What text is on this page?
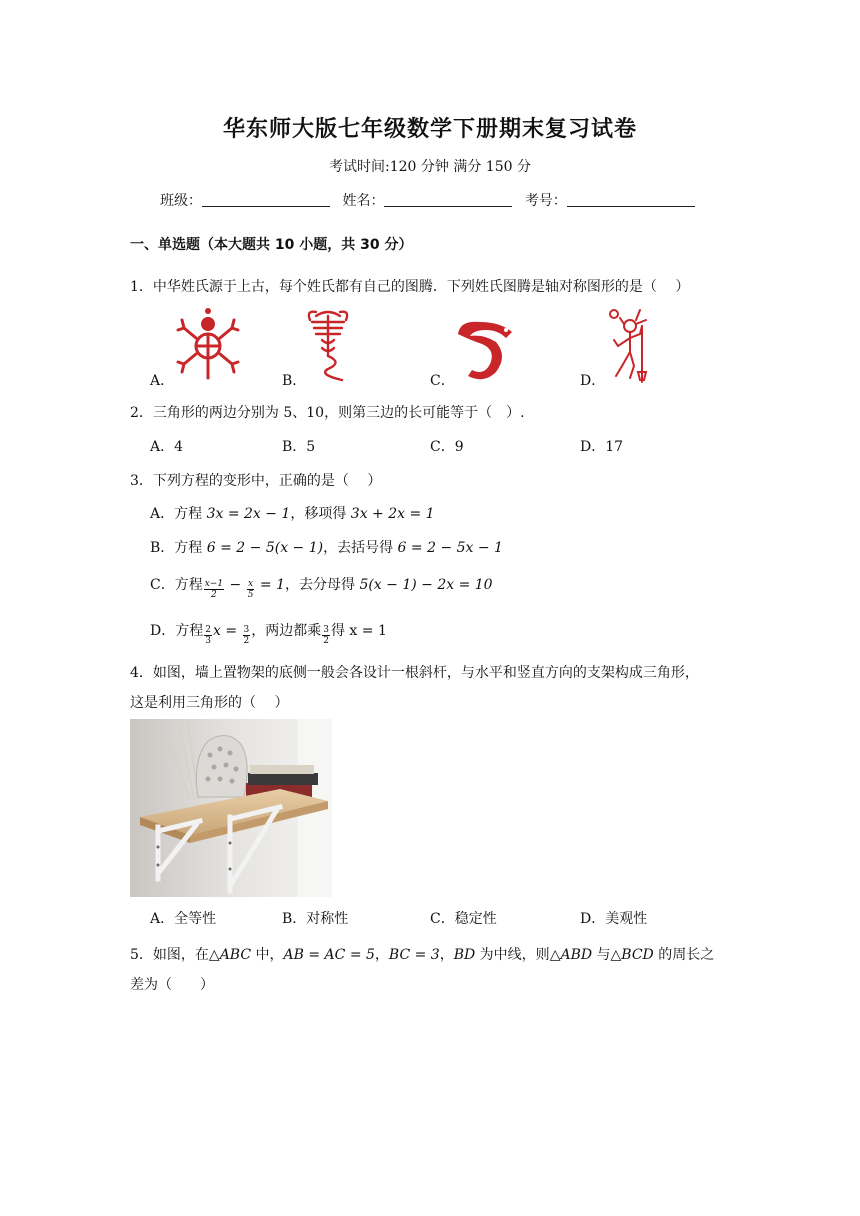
华东师大版七年级数学下册期末复习试卷
考试时间:120 分钟 满分 150 分
班级：	姓名：	考号：
一、单选题（本大题共 10 小题，共 30 分）
1．中华姓氏源于上古，每个姓氏都有自己的图腾．下列姓氏图腾是轴对称图形的是（　 ）
A．	B．	C．	D．
2．三角形的两边分别为 5、10，则第三边的长可能等于（　）.
A．4	B．5	C．9	D．17
3．下列方程的变形中，正确的是（　 ）
A．方程 3x = 2x − 1，移项得 3x + 2x = 1
B．方程 6 = 2 − 5(x − 1)，去括号得 6 = 2 − 5x − 1
C．方程 $\frac{x-1}{2} - \frac{x}{5} = 1$，去分母得 5(x − 1) − 2x = 10
D．方程 $\frac{2}{3}$ $x = \frac{3}{2}$ ，两边都乘 $\frac{3}{2}$ 得 x = 1
4．如图，墙上置物架的底侧一般会各设计一根斜杆，与水平和竖直方向的支架构成三角形，
这是利用三角形的（　 ）
A．全等性	B．对称性	C．稳定性	D．美观性
5．如图，在△ABC 中，AB = AC = 5，BC = 3，BD 为中线，则△ABD 与△BCD 的周长之
差为（　　）
